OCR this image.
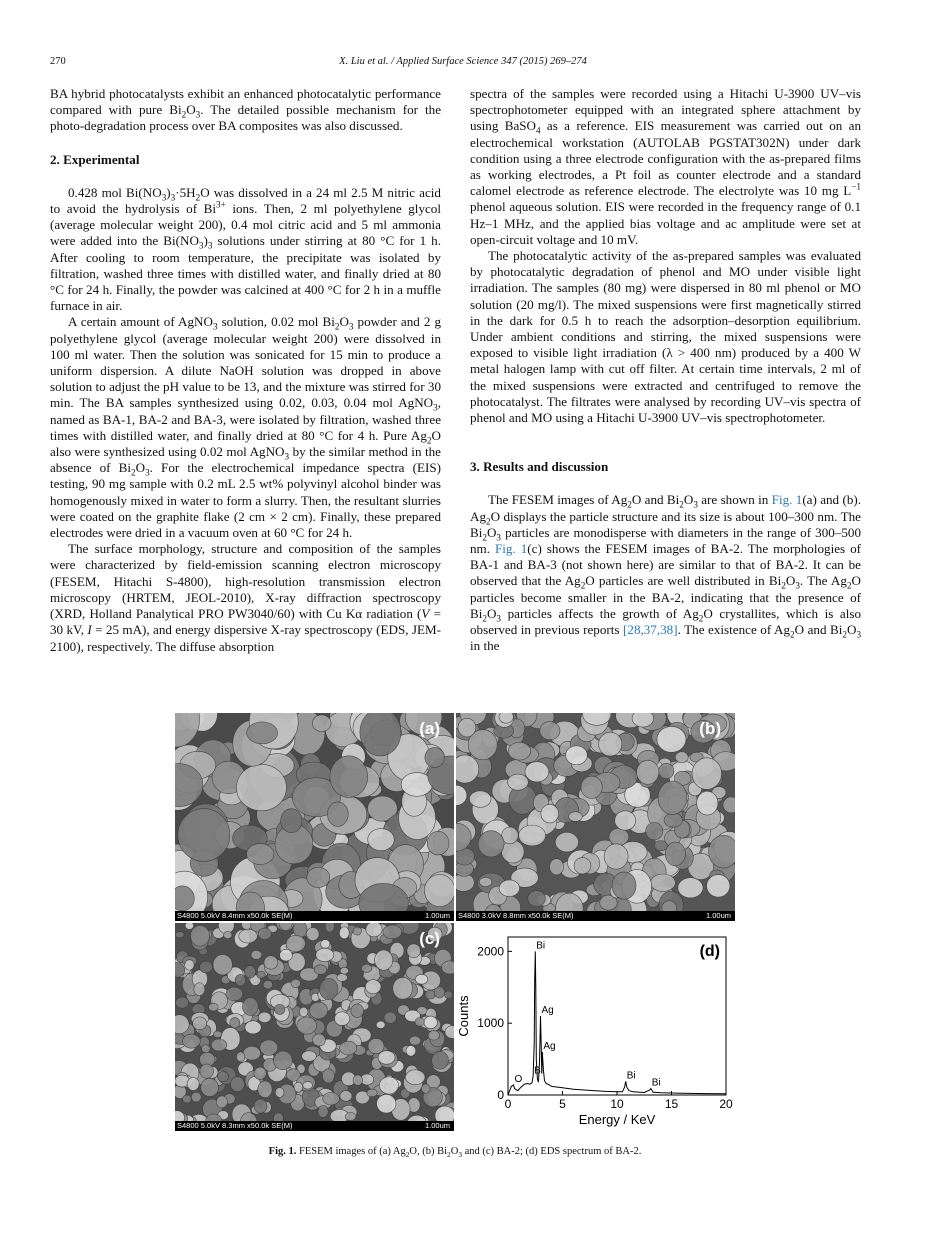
270	X. Liu et al. / Applied Surface Science 347 (2015) 269–274

BA hybrid photocatalysts exhibit an enhanced photocatalytic performance compared with pure $Bi_2O_3$. The detailed possible mechanism for the photo-degradation process over BA composites was also discussed.

2. Experimental

0.428 mol $Bi(NO_3)_3\cdot 5H_2O$ was dissolved in a 24 ml 2.5 M nitric acid to avoid the hydrolysis of $Bi^{3+}$ ions. Then, 2 ml polyethylene glycol (average molecular weight 200), 0.4 mol citric acid and 5 ml ammonia were added into the $Bi(NO_3)_3$ solutions under stirring at 80 °C for 1 h. After cooling to room temperature, the precipitate was isolated by filtration, washed three times with distilled water, and finally dried at 80 °C for 24 h. Finally, the powder was calcined at 400 °C for 2 h in a muffle furnace in air.

A certain amount of AgNO$_3$ solution, 0.02 mol $Bi_2O_3$ powder and 2 g polyethylene glycol (average molecular weight 200) were dissolved in 100 ml water. Then the solution was sonicated for 15 min to produce a uniform dispersion. A dilute NaOH solution was dropped in above solution to adjust the pH value to be 13, and the mixture was stirred for 30 min. The BA samples synthesized using 0.02, 0.03, 0.04 mol AgNO$_3$, named as BA-1, BA-2 and BA-3, were isolated by filtration, washed three times with distilled water, and finally dried at 80 °C for 4 h. Pure $Ag_2O$ also were synthesized using 0.02 mol AgNO$_3$ by the similar method in the absence of $Bi_2O_3$. For the electrochemical impedance spectra (EIS) testing, 90 mg sample with 0.2 mL 2.5 wt% polyvinyl alcohol binder was homogenously mixed in water to form a slurry. Then, the resultant slurries were coated on the graphite flake (2 cm × 2 cm). Finally, these prepared electrodes were dried in a vacuum oven at 60 °C for 24 h.

The surface morphology, structure and composition of the samples were characterized by field-emission scanning electron microscopy (FESEM, Hitachi S-4800), high-resolution transmission electron microscopy (HRTEM, JEOL-2010), X-ray diffraction spectroscopy (XRD, Holland Panalytical PRO PW3040/60) with Cu Kα radiation (V = 30 kV, I = 25 mA), and energy dispersive X-ray spectroscopy (EDS, JEM-2100), respectively. The diffuse absorption

spectra of the samples were recorded using a Hitachi U-3900 UV–vis spectrophotometer equipped with an integrated sphere attachment by using BaSO$_4$ as a reference. EIS measurement was carried out on an electrochemical workstation (AUTOLAB PGSTAT302N) under dark condition using a three electrode configuration with the as-prepared films as working electrodes, a Pt foil as counter electrode and a standard calomel electrode as reference electrode. The electrolyte was 10 mg $L^{-1}$ phenol aqueous solution. EIS were recorded in the frequency range of 0.1 Hz–1 MHz, and the applied bias voltage and ac amplitude were set at open-circuit voltage and 10 mV.

The photocatalytic activity of the as-prepared samples was evaluated by photocatalytic degradation of phenol and MO under visible light irradiation. The samples (80 mg) were dispersed in 80 ml phenol or MO solution (20 mg/l). The mixed suspensions were first magnetically stirred in the dark for 0.5 h to reach the adsorption–desorption equilibrium. Under ambient conditions and stirring, the mixed suspensions were exposed to visible light irradiation (λ > 400 nm) produced by a 400 W metal halogen lamp with cut off filter. At certain time intervals, 2 ml of the mixed suspensions were extracted and centrifuged to remove the photocatalyst. The filtrates were analysed by recording UV–vis spectra of phenol and MO using a Hitachi U-3900 UV–vis spectrophotometer.

3. Results and discussion

The FESEM images of $Ag_2O$ and $Bi_2O_3$ are shown in Fig. 1(a) and (b). $Ag_2O$ displays the particle structure and its size is about 100–300 nm. The $Bi_2O_3$ particles are monodisperse with diameters in the range of 300–500 nm. Fig. 1(c) shows the FESEM images of BA-2. The morphologies of BA-1 and BA-3 (not shown here) are similar to that of BA-2. It can be observed that the $Ag_2O$ particles are well distributed in $Bi_2O_3$. The $Ag_2O$ particles become smaller in the BA-2, indicating that the presence of $Bi_2O_3$ particles affects the growth of $Ag_2O$ crystallites, which is also observed in previous reports [28,37,38]. The existence of $Ag_2O$ and $Bi_2O_3$ in the

(a)
S4800 5.0kV 8.4mm x50.0k SE(M)	1.00um
(b)
S4800 3.0kV 8.8mm x50.0k SE(M)	1.00um
(c)
S4800 5.0kV 8.3mm x50.0k SE(M)	1.00um
0	5	10	15	20
0
1000
2000
Energy / KeV
Counts
(d)
Bi
Ag
Ag
O
Bi	Bi
Bi
Fig. 1. FESEM images of (a) $Ag_2O$, (b) $Bi_2O_3$ and (c) BA-2; (d) EDS spectrum of BA-2.
